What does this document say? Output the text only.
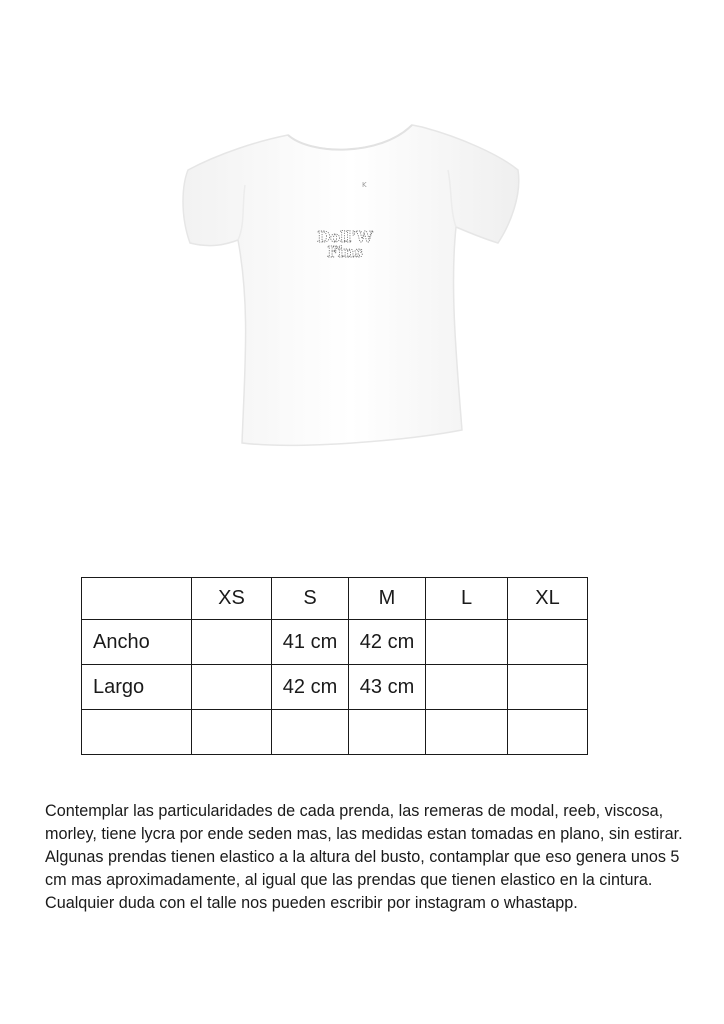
K
Doll'W
Fins
	XS	S	M	L	XL
Ancho		41 cm	42 cm		
Largo		42 cm	43 cm		

Contemplar las particularidades de cada prenda, las remeras de modal, reeb, viscosa, morley, tiene lycra por ende seden mas, las medidas estan tomadas en plano, sin estirar.

Algunas prendas tienen elastico a la altura del busto, contamplar que eso genera unos 5 cm mas aproximadamente, al igual que las prendas que tienen elastico en la cintura.

Cualquier duda con el talle nos pueden escribir por instagram o whastapp.
